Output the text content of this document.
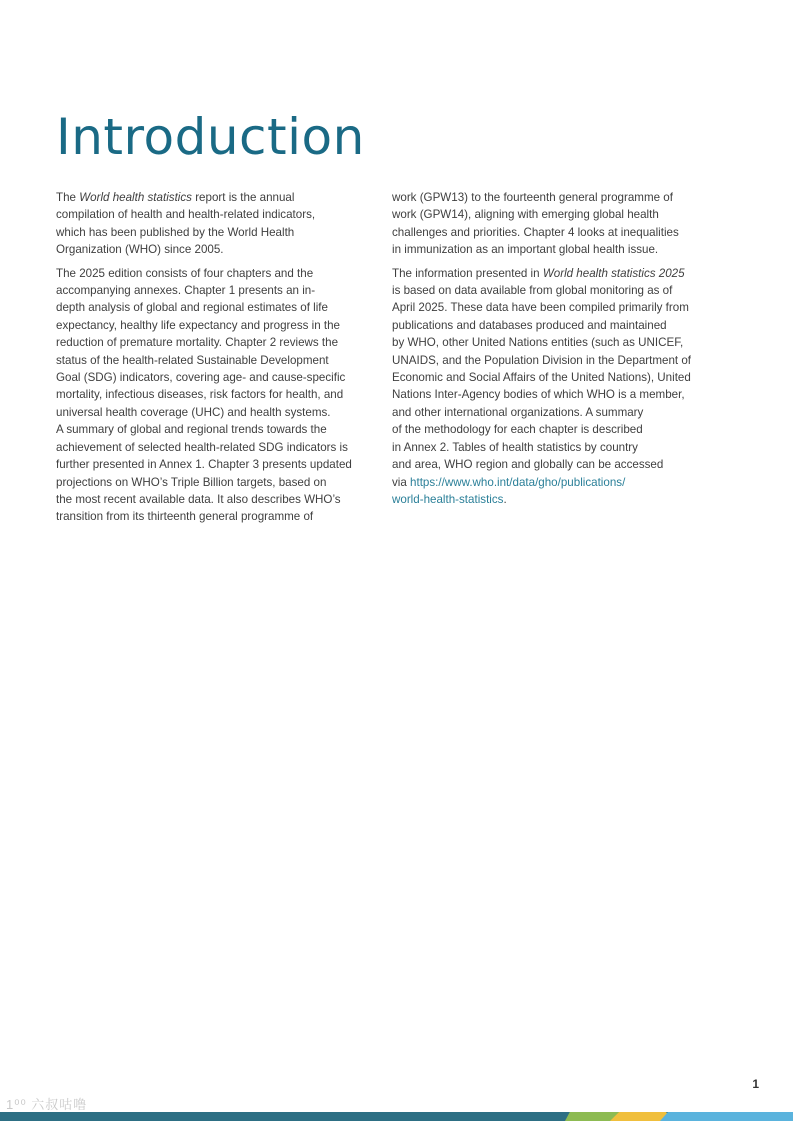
Introduction

The World health statistics report is the annual
compilation of health and health-related indicators,
which has been published by the World Health
Organization (WHO) since 2005.

The 2025 edition consists of four chapters and the
accompanying annexes. Chapter 1 presents an in-
depth analysis of global and regional estimates of life
expectancy, healthy life expectancy and progress in the
reduction of premature mortality. Chapter 2 reviews the
status of the health-related Sustainable Development
Goal (SDG) indicators, covering age- and cause-specific
mortality, infectious diseases, risk factors for health, and
universal health coverage (UHC) and health systems.
A summary of global and regional trends towards the
achievement of selected health-related SDG indicators is
further presented in Annex 1. Chapter 3 presents updated
projections on WHO’s Triple Billion targets, based on
the most recent available data. It also describes WHO’s
transition from its thirteenth general programme of

work (GPW13) to the fourteenth general programme of
work (GPW14), aligning with emerging global health
challenges and priorities. Chapter 4 looks at inequalities
in immunization as an important global health issue.

The information presented in World health statistics 2025
is based on data available from global monitoring as of
April 2025. These data have been compiled primarily from
publications and databases produced and maintained
by WHO, other United Nations entities (such as UNICEF,
UNAIDS, and the Population Division in the Department of
Economic and Social Affairs of the United Nations), United
Nations Inter-Agency bodies of which WHO is a member,
and other international organizations. A summary
of the methodology for each chapter is described
in Annex 2. Tables of health statistics by country
and area, WHO region and globally can be accessed
via https://www.who.int/data/gho/publications/
world-health-statistics.

1
1⁰⁰ 六叔咕噜
